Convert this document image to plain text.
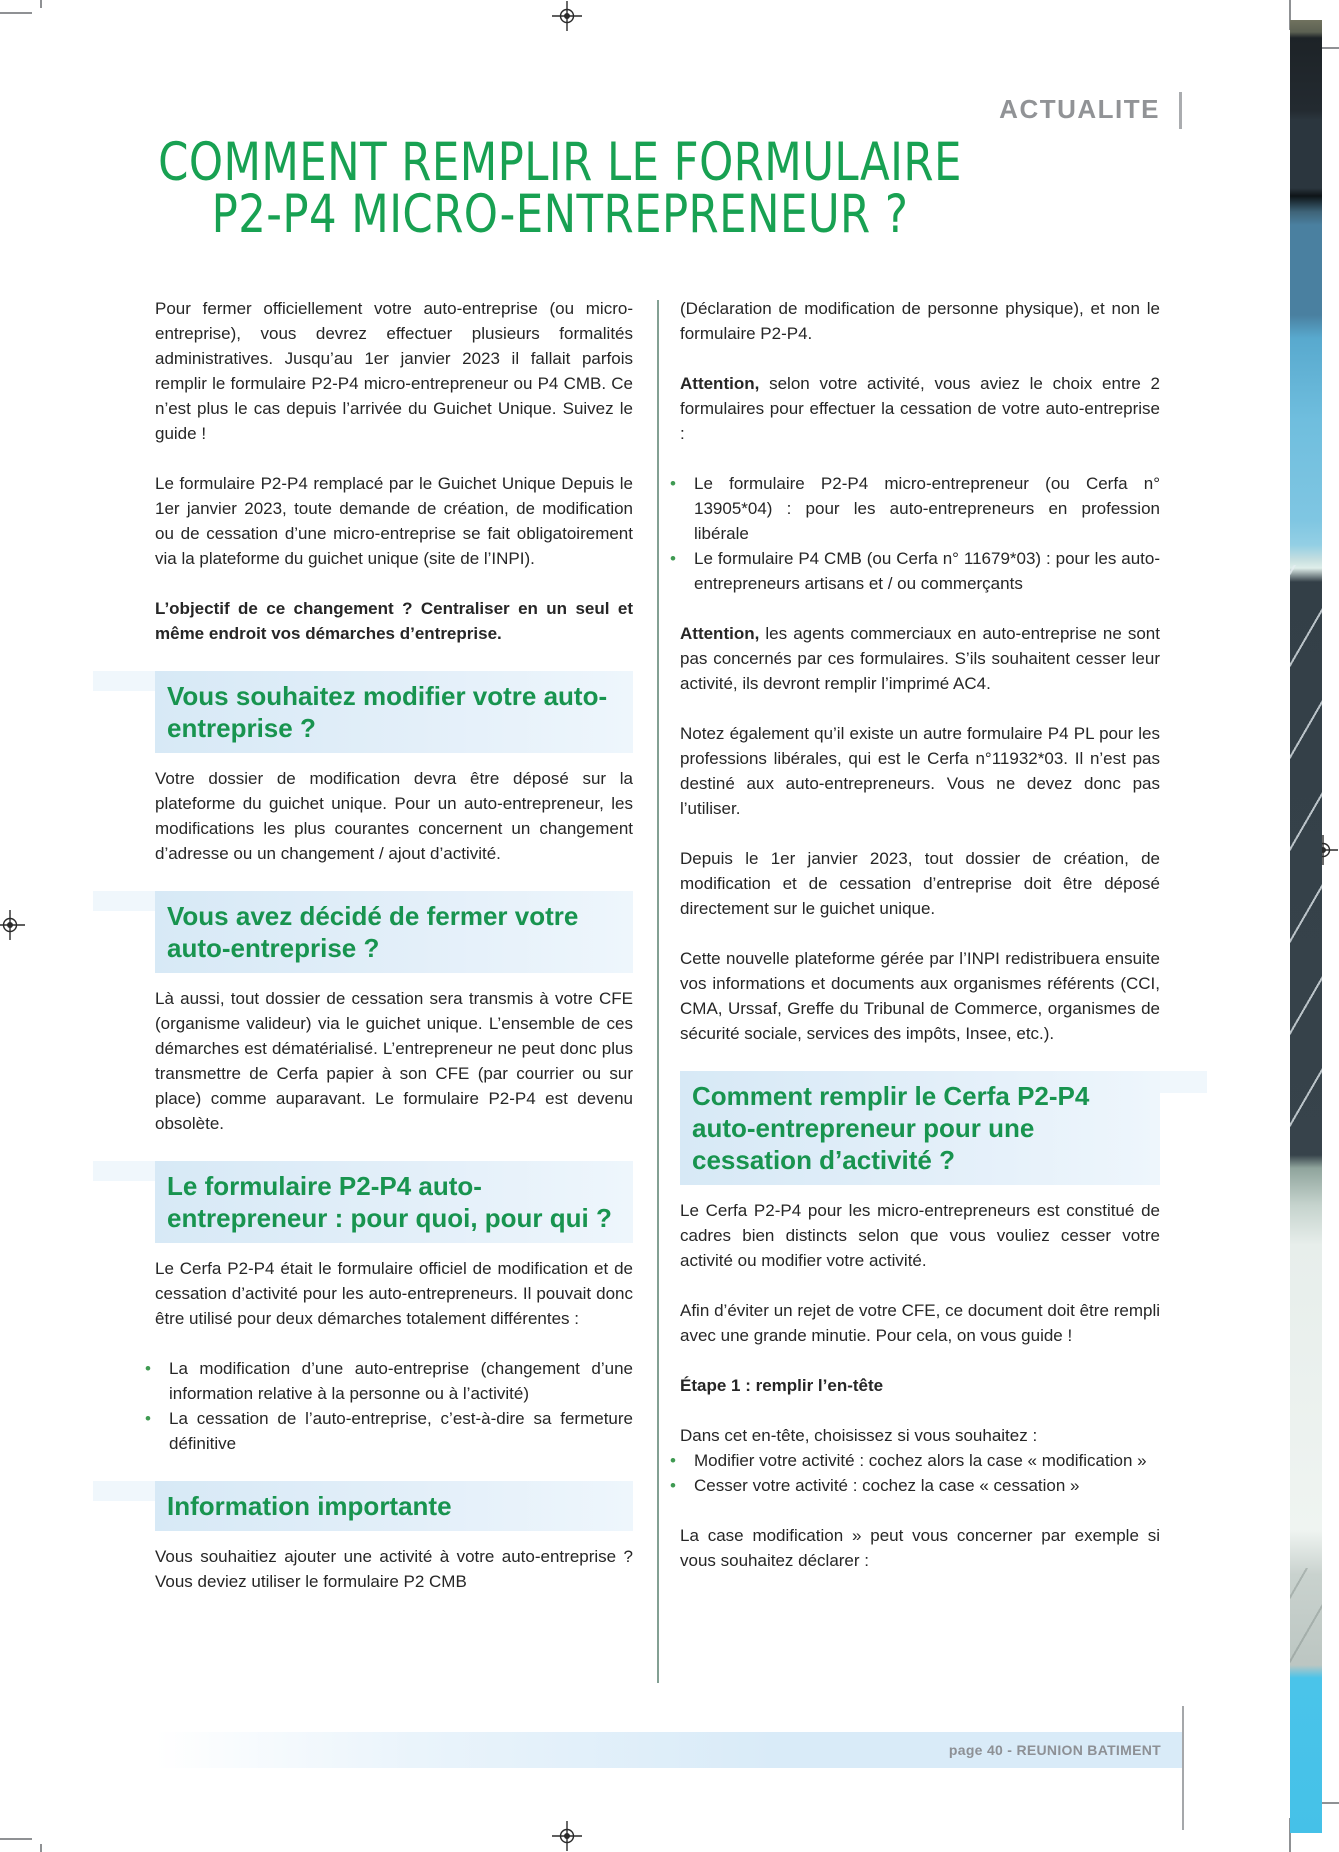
ACTUALITE
COMMENT REMPLIR LE FORMULAIRE
P2-P4 MICRO-ENTREPRENEUR ?

Pour fermer officiellement votre auto-entreprise (ou micro-entreprise), vous devrez effectuer plusieurs formalités administratives. Jusqu’au 1er janvier 2023 il fallait parfois remplir le formulaire P2-P4 micro-entrepreneur ou P4 CMB. Ce n’est plus le cas depuis l’arrivée du Guichet Unique. Suivez le guide !

Le formulaire P2-P4 remplacé par le Guichet Unique Depuis le 1er janvier 2023, toute demande de création, de modification ou de cessation d’une micro-entreprise se fait obligatoirement via la plateforme du guichet unique (site de l’INPI).

L’objectif de ce changement ? Centraliser en un seul et même endroit vos démarches d’entreprise.

Vous souhaitez modifier votre auto-entreprise ?

Votre dossier de modification devra être déposé sur la plateforme du guichet unique. Pour un auto-entrepreneur, les modifications les plus courantes concernent un changement d’adresse ou un changement / ajout d’activité.

Vous avez décidé de fermer votre auto-entreprise ?

Là aussi, tout dossier de cessation sera transmis à votre CFE (organisme valideur) via le guichet unique. L’ensemble de ces démarches est dématérialisé. L’entrepreneur ne peut donc plus transmettre de Cerfa papier à son CFE (par courrier ou sur place) comme auparavant. Le formulaire P2-P4 est devenu obsolète.

Le formulaire P2-P4 auto-entrepreneur : pour quoi, pour qui ?

Le Cerfa P2-P4 était le formulaire officiel de modification et de cessation d’activité pour les auto-entrepreneurs. Il pouvait donc être utilisé pour deux démarches totalement différentes :

• La modification d’une auto-entreprise (changement d’une information relative à la personne ou à l’activité)
• La cessation de l’auto-entreprise, c’est-à-dire sa fermeture définitive
Information importante

Vous souhaitiez ajouter une activité à votre auto-entreprise ? Vous deviez utiliser le formulaire P2 CMB

(Déclaration de modification de personne physique), et non le formulaire P2-P4.

Attention, selon votre activité, vous aviez le choix entre 2 formulaires pour effectuer la cessation de votre auto-entreprise :

• Le formulaire P2-P4 micro-entrepreneur (ou Cerfa n° 13905*04) : pour les auto-entrepreneurs en profession libérale
• Le formulaire P4 CMB (ou Cerfa n° 11679*03) : pour les auto-entrepreneurs artisans et / ou commerçants

Attention, les agents commerciaux en auto-entreprise ne sont pas concernés par ces formulaires. S’ils souhaitent cesser leur activité, ils devront remplir l’imprimé AC4.

Notez également qu’il existe un autre formulaire P4 PL pour les professions libérales, qui est le Cerfa n°11932*03. Il n’est pas destiné aux auto-entrepreneurs. Vous ne devez donc pas l’utiliser.

Depuis le 1er janvier 2023, tout dossier de création, de modification et de cessation d’entreprise doit être déposé directement sur le guichet unique.

Cette nouvelle plateforme gérée par l’INPI redistribuera ensuite vos informations et documents aux organismes référents (CCI, CMA, Urssaf, Greffe du Tribunal de Commerce, organismes de sécurité sociale, services des impôts, Insee, etc.).

Comment remplir le Cerfa P2-P4 auto-entrepreneur pour une cessation d’activité ?

Le Cerfa P2-P4 pour les micro-entrepreneurs est constitué de cadres bien distincts selon que vous vouliez cesser votre activité ou modifier votre activité.

Afin d’éviter un rejet de votre CFE, ce document doit être rempli avec une grande minutie. Pour cela, on vous guide !

Étape 1 : remplir l’en-tête

Dans cet en-tête, choisissez si vous souhaitez :

• Modifier votre activité : cochez alors la case « modification »
• Cesser votre activité : cochez la case « cessation »

La case modification » peut vous concerner par exemple si vous souhaitez déclarer :

page 40 - REUNION BATIMENT
